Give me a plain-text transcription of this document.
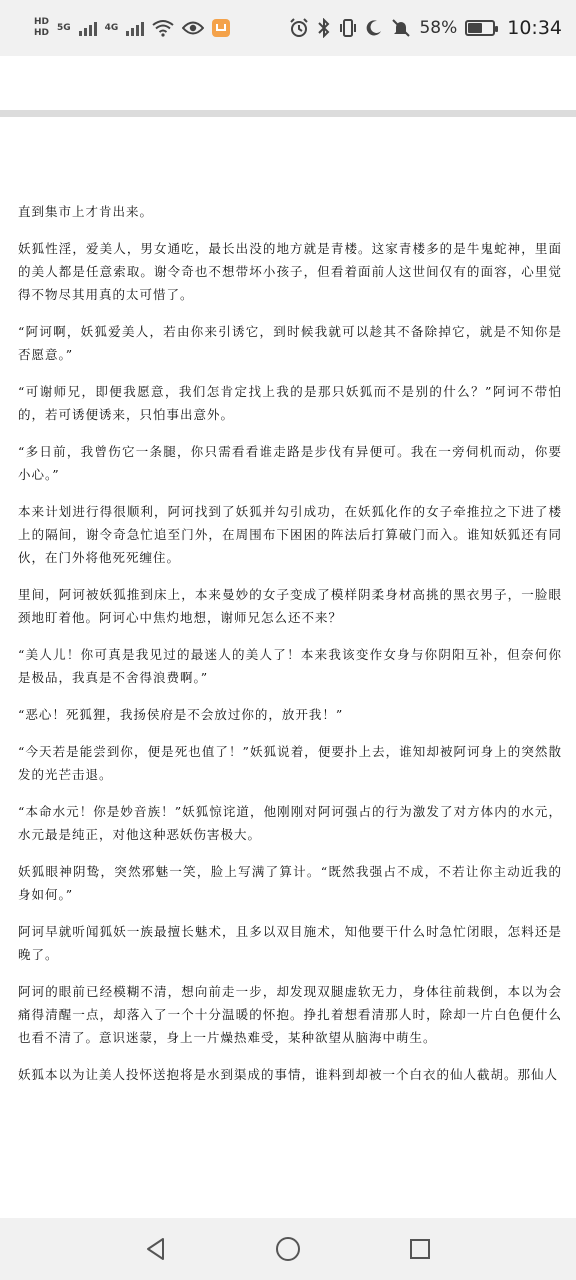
HD
HD
5G	4G	58%	10:34

直到集市上才肯出来。

妖狐性淫，爱美人，男女通吃，最长出没的地方就是青楼。这家青楼多的是牛鬼蛇神，里面的美人都是任意索取。谢令奇也不想带坏小孩子，但看着面前人这世间仅有的面容，心里觉得不物尽其用真的太可惜了。

“阿诃啊，妖狐爱美人，若由你来引诱它，到时候我就可以趁其不备除掉它，就是不知你是否愿意。”

“可谢师兄，即便我愿意，我们怎肯定找上我的是那只妖狐而不是别的什么？”阿诃不带怕的，若可诱便诱来，只怕事出意外。

“多日前，我曾伤它一条腿，你只需看看谁走路是步伐有异便可。我在一旁伺机而动，你要小心。”

本来计划进行得很顺利，阿诃找到了妖狐并勾引成功，在妖狐化作的女子牵推拉之下进了楼上的隔间，谢令奇急忙追至门外，在周围布下困困的阵法后打算破门而入。谁知妖狐还有同伙，在门外将他死死缠住。

里间，阿诃被妖狐推到床上，本来曼妙的女子变成了模样阴柔身材高挑的黑衣男子，一脸眼颈地盯着他。阿诃心中焦灼地想，谢师兄怎么还不来？

“美人儿！你可真是我见过的最迷人的美人了！本来我该变作女身与你阴阳互补，但奈何你是极品，我真是不舍得浪费啊。”

“恶心！死狐狸，我扬侯府是不会放过你的，放开我！”

“今天若是能尝到你，便是死也值了！”妖狐说着，便要扑上去，谁知却被阿诃身上的突然散发的光芒击退。

“本命水元！你是妙音族！”妖狐惊诧道，他刚刚对阿诃强占的行为激发了对方体内的水元，水元最是纯正，对他这种恶妖伤害极大。

妖狐眼神阴鸷，突然邪魅一笑，脸上写满了算计。“既然我强占不成，不若让你主动近我的身如何。”

阿诃早就听闻狐妖一族最擅长魅术，且多以双目施术，知他要干什么时急忙闭眼，怎料还是晚了。

阿诃的眼前已经模糊不清，想向前走一步，却发现双腿虚软无力，身体往前栽倒，本以为会痛得清醒一点，却落入了一个十分温暖的怀抱。挣扎着想看清那人时，除却一片白色便什么也看不清了。意识迷蒙，身上一片燥热难受，某种欲望从脑海中萌生。

妖狐本以为让美人投怀送抱将是水到渠成的事情，谁料到却被一个白衣的仙人截胡。那仙人
